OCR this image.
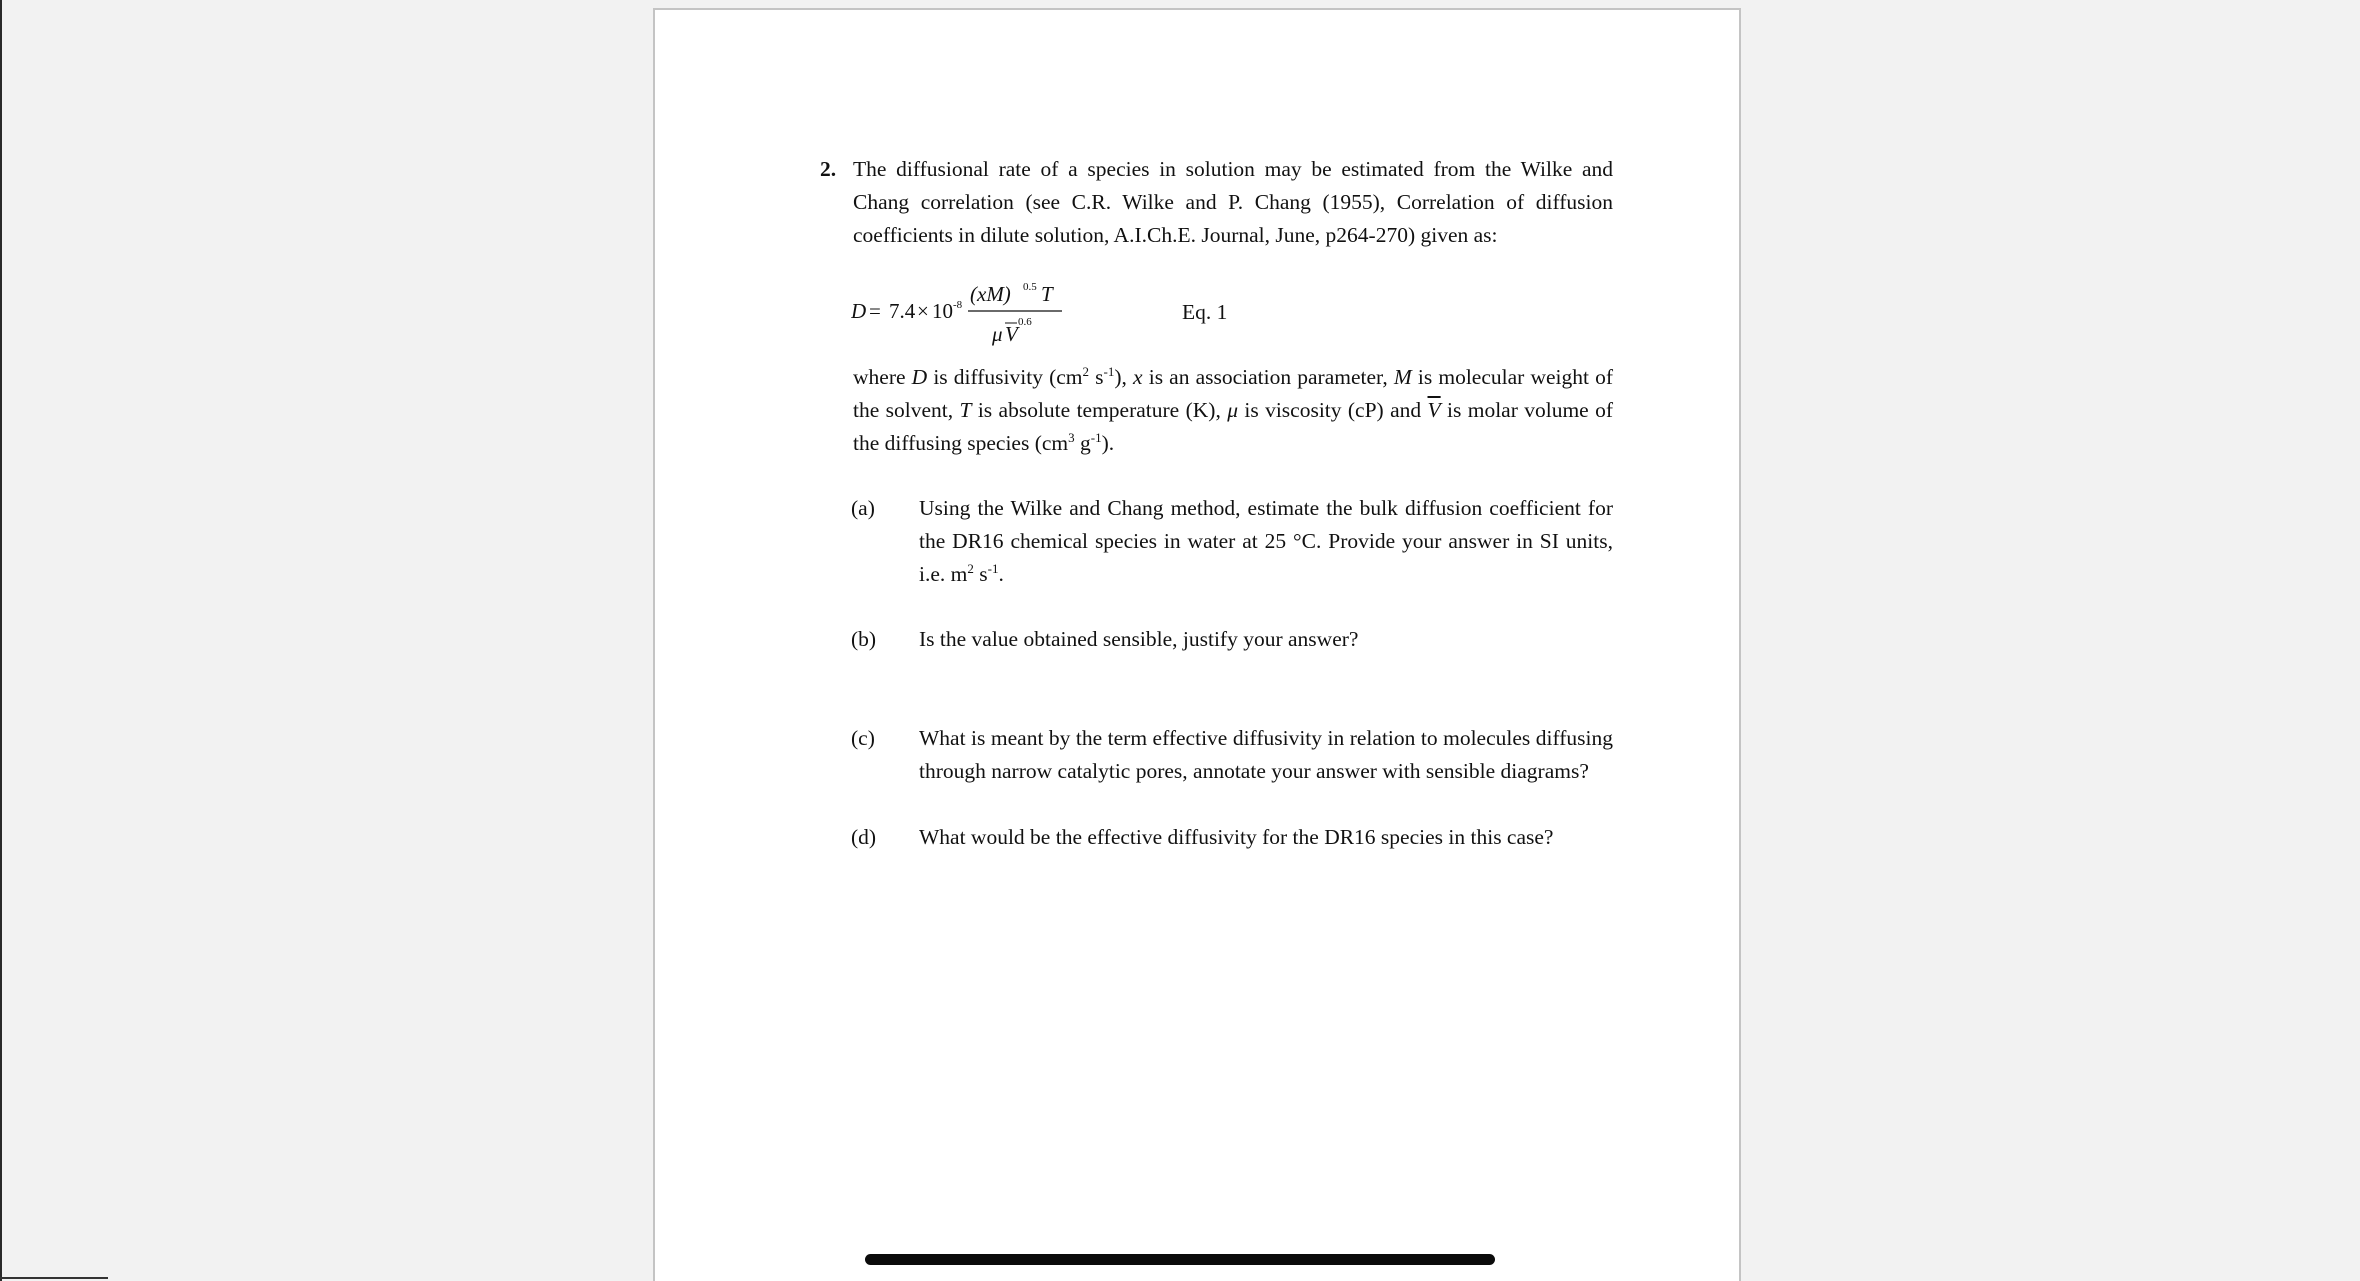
2. The diffusional rate of a species in solution may be estimated from the Wilke and Chang correlation (see C.R. Wilke and P. Chang (1955), Correlation of diffusion coefficients in dilute solution, A.I.Ch.E. Journal, June, p264-270) given as:
D = 7.4 × 10 -8 (xM) 0.5 T
μ V 0.6	Eq. 1
where D is diffusivity ($cm^2$ $s^{-1}$), x is an association parameter, M is molecular weight of the solvent, T is absolute temperature (K), μ is viscosity (cP) and $\overline{V}$ is molar volume of the diffusing species ($cm^3$ $g^{-1}$).
(a) Using the Wilke and Chang method, estimate the bulk diffusion coefficient for the DR16 chemical species in water at 25 °C. Provide your answer in SI units, i.e. $m^2$ $s^{-1}$.
(b) Is the value obtained sensible, justify your answer?
(c) What is meant by the term effective diffusivity in relation to molecules diffusing through narrow catalytic pores, annotate your answer with sensible diagrams?
(d) What would be the effective diffusivity for the DR16 species in this case?
